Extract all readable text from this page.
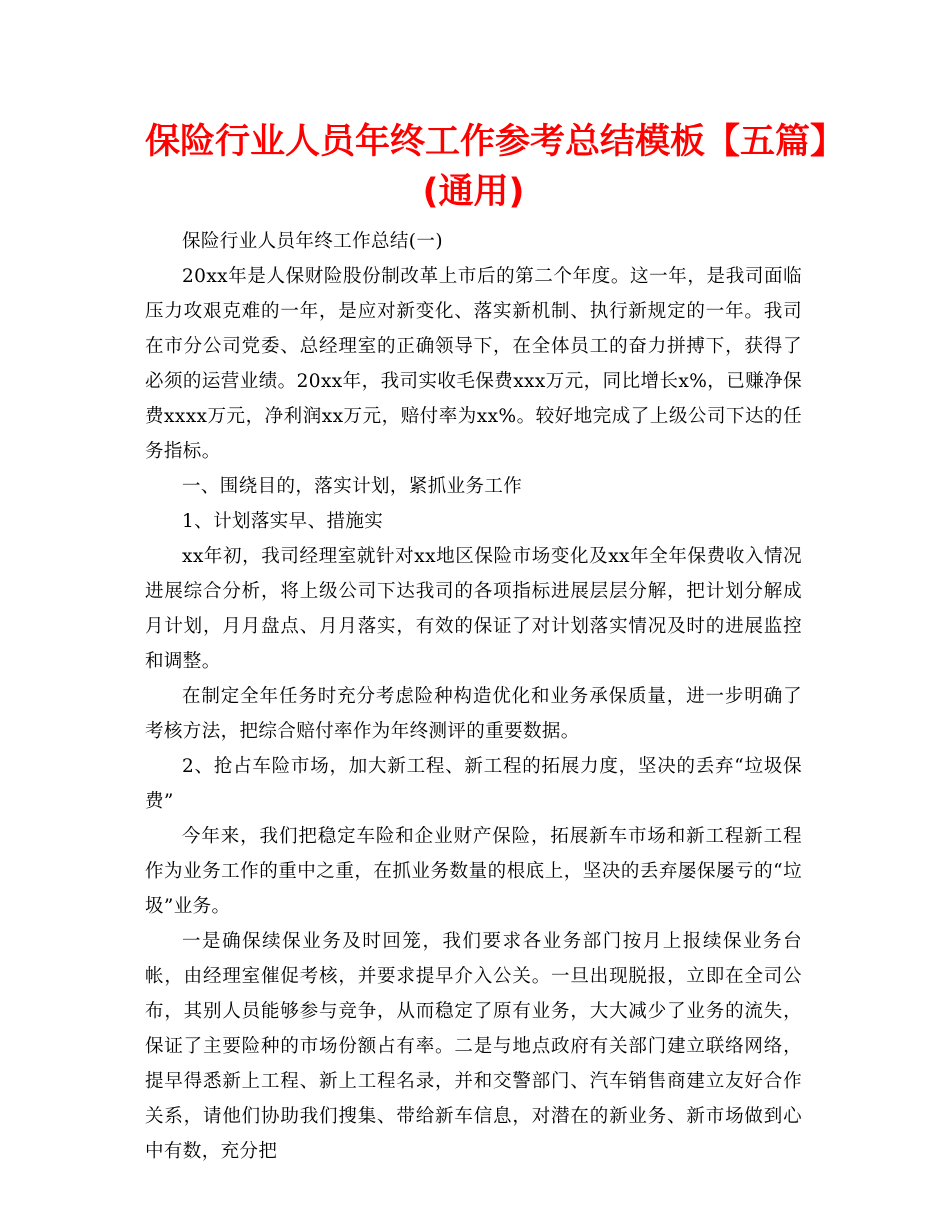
保险行业人员年终工作参考总结模板【五篇】
(通用)

保险行业人员年终工作总结(一)

20xx年是人保财险股份制改革上市后的第二个年度。这一年，是我司面临压力攻艰克难的一年，是应对新变化、落实新机制、执行新规定的一年。我司在市分公司党委、总经理室的正确领导下，在全体员工的奋力拼搏下，获得了必须的运营业绩。20xx年，我司实收毛保费xxx万元，同比增长x%，已赚净保费xxxx万元，净利润xx万元，赔付率为xx%。较好地完成了上级公司下达的任务指标。

一、围绕目的，落实计划，紧抓业务工作

1、计划落实早、措施实

xx年初，我司经理室就针对xx地区保险市场变化及xx年全年保费收入情况进展综合分析，将上级公司下达我司的各项指标进展层层分解，把计划分解成月计划，月月盘点、月月落实，有效的保证了对计划落实情况及时的进展监控和调整。

在制定全年任务时充分考虑险种构造优化和业务承保质量，进一步明确了考核方法，把综合赔付率作为年终测评的重要数据。

2、抢占车险市场，加大新工程、新工程的拓展力度，坚决的丢弃“垃圾保费”

今年来，我们把稳定车险和企业财产保险，拓展新车市场和新工程新工程作为业务工作的重中之重，在抓业务数量的根底上，坚决的丢弃屡保屡亏的“垃圾”业务。

一是确保续保业务及时回笼，我们要求各业务部门按月上报续保业务台帐，由经理室催促考核，并要求提早介入公关。一旦出现脱报，立即在全司公布，其别人员能够参与竞争，从而稳定了原有业务，大大减少了业务的流失，保证了主要险种的市场份额占有率。二是与地点政府有关部门建立联络网络，提早得悉新上工程、新上工程名录，并和交警部门、汽车销售商建立友好合作关系，请他们协助我们搜集、带给新车信息，对潜在的新业务、新市场做到心中有数，充分把
